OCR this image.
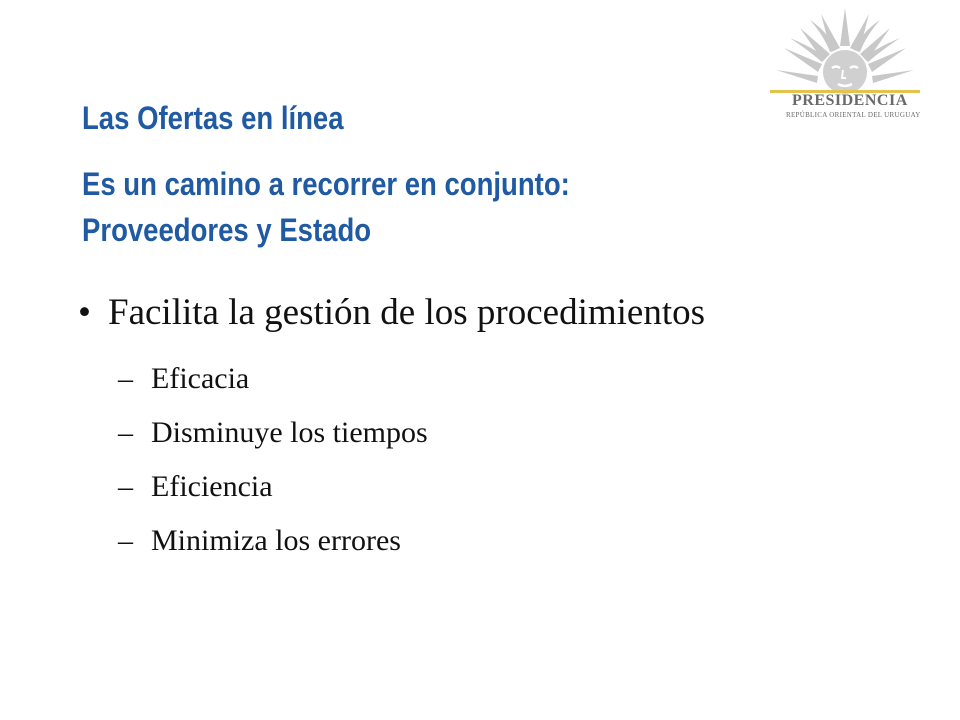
PRESIDENCIA
REPÚBLICA ORIENTAL DEL URUGUAY
Las Ofertas en línea
Es un camino a recorrer en conjunto:
Proveedores y Estado
• Facilita la gestión de los procedimientos
– Eficacia
– Disminuye los tiempos
– Eficiencia
– Minimiza los errores
